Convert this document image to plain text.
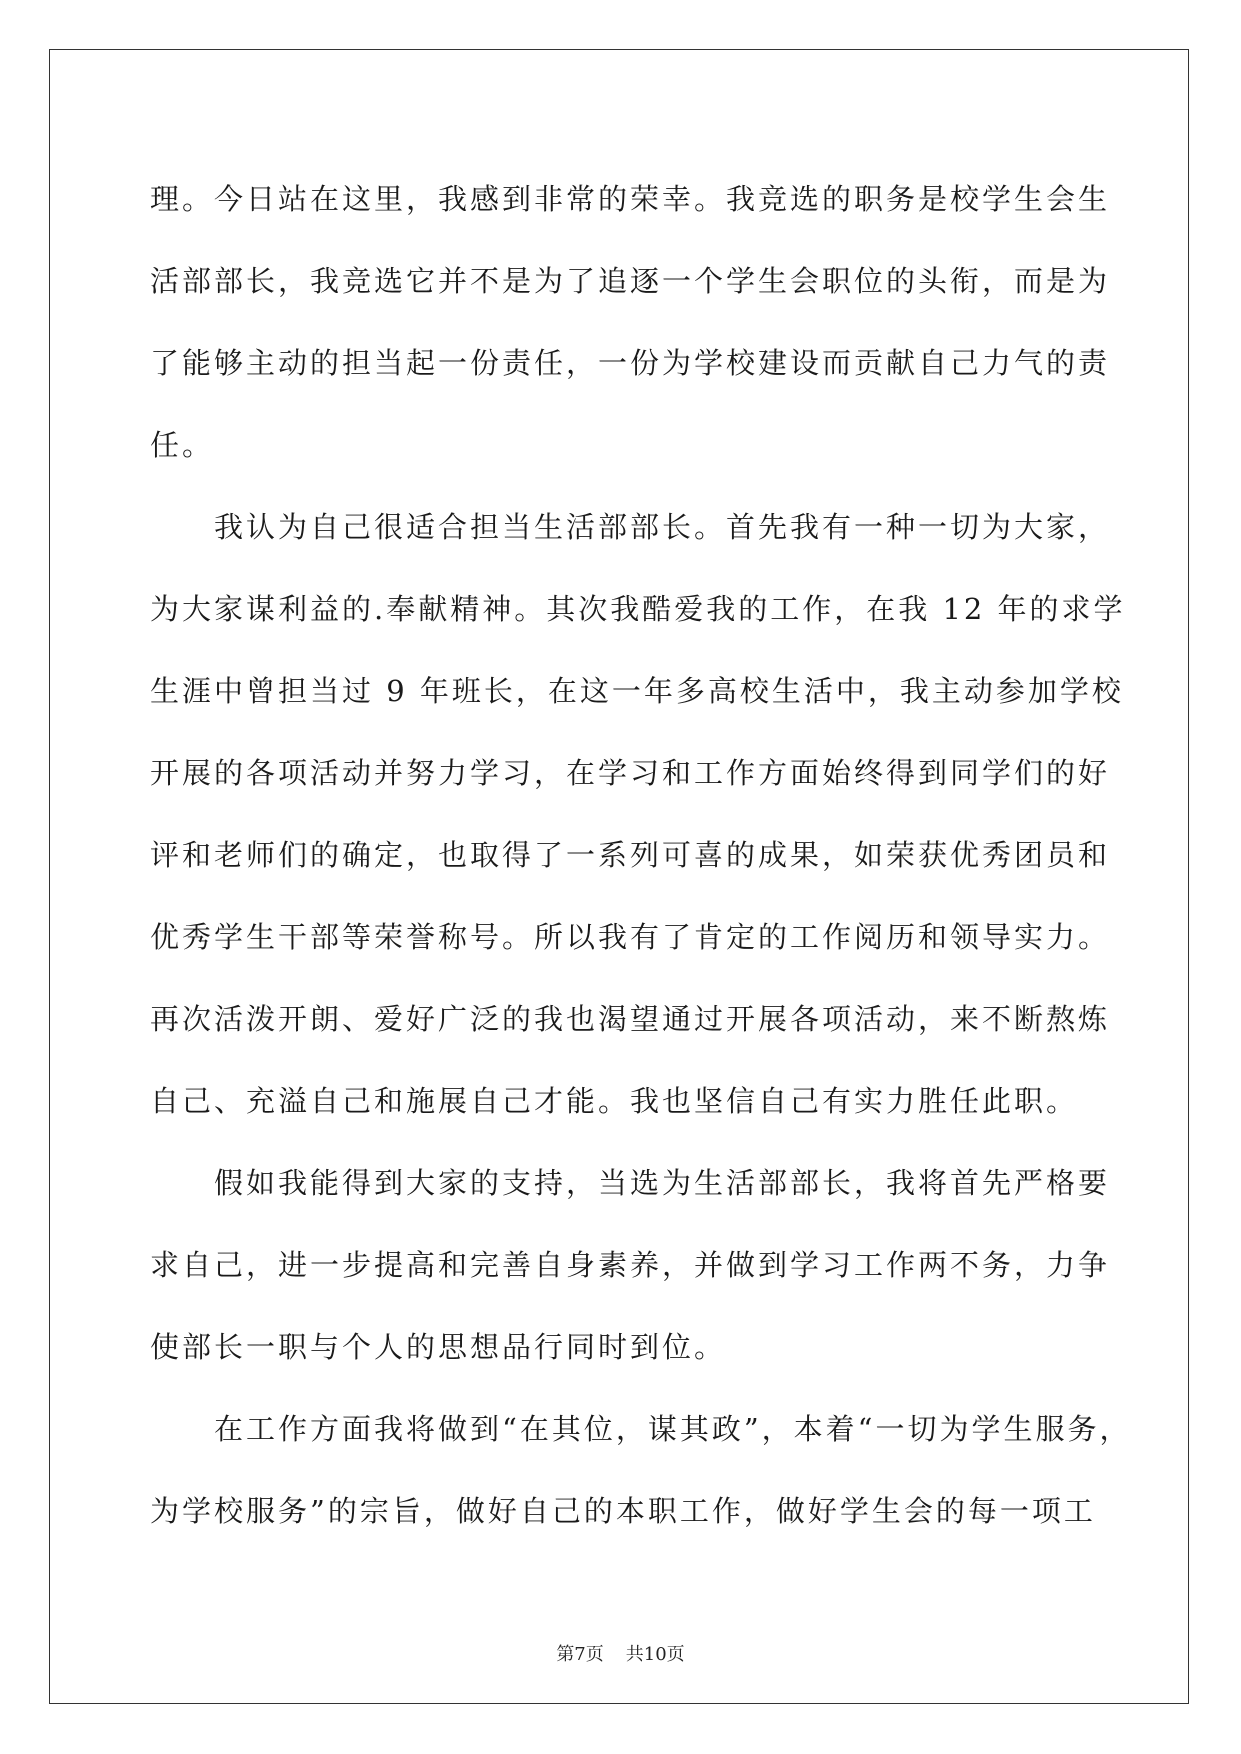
理。今日站在这里，我感到非常的荣幸。我竞选的职务是校学生会生
活部部长，我竞选它并不是为了追逐一个学生会职位的头衔，而是为
了能够主动的担当起一份责任，一份为学校建设而贡献自己力气的责
任。
　　我认为自己很适合担当生活部部长。首先我有一种一切为大家，
为大家谋利益的.奉献精神。其次我酷爱我的工作，在我 12 年的求学
生涯中曾担当过 9 年班长，在这一年多高校生活中，我主动参加学校
开展的各项活动并努力学习，在学习和工作方面始终得到同学们的好
评和老师们的确定，也取得了一系列可喜的成果，如荣获优秀团员和
优秀学生干部等荣誉称号。所以我有了肯定的工作阅历和领导实力。
再次活泼开朗、爱好广泛的我也渴望通过开展各项活动，来不断熬炼
自己、充溢自己和施展自己才能。我也坚信自己有实力胜任此职。
　　假如我能得到大家的支持，当选为生活部部长，我将首先严格要
求自己，进一步提高和完善自身素养，并做到学习工作两不务，力争
使部长一职与个人的思想品行同时到位。
　　在工作方面我将做到“在其位，谋其政”，本着“一切为学生服务，
为学校服务”的宗旨，做好自己的本职工作，做好学生会的每一项工
第7页 共10页
